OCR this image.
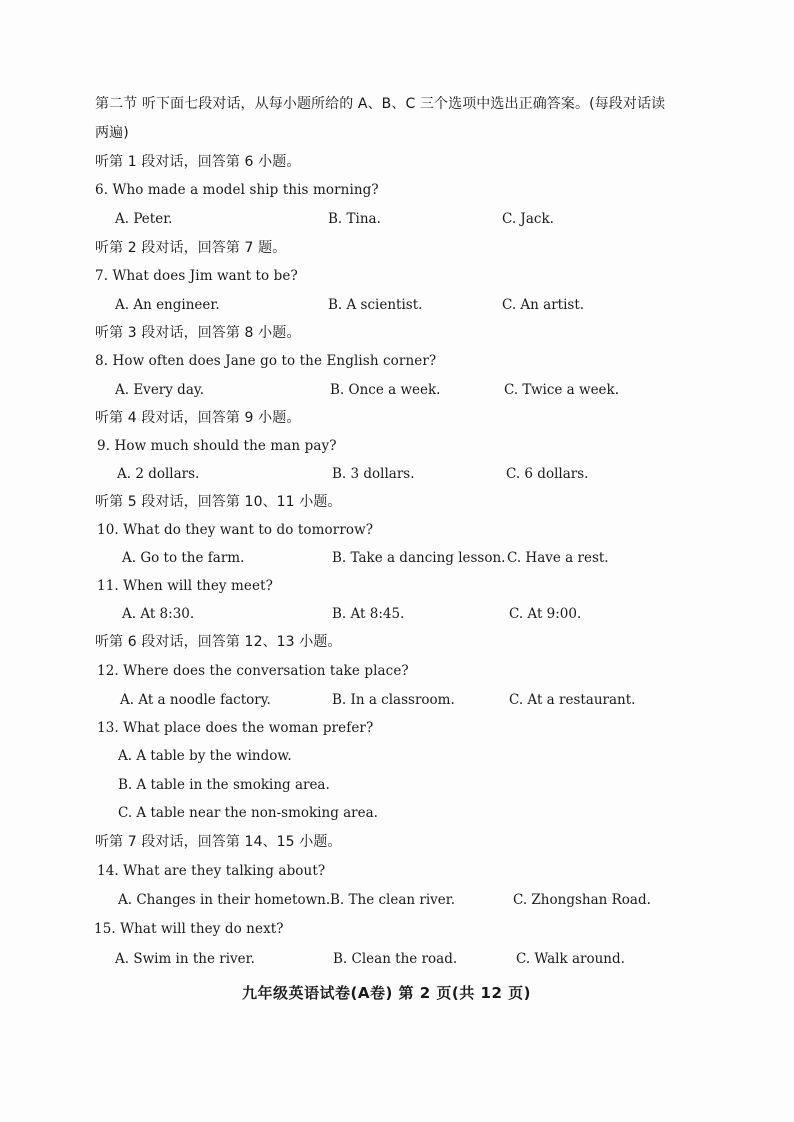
第二节 听下面七段对话，从每小题所给的 A、B、C 三个选项中选出正确答案。(每段对话读
两遍)
听第 1 段对话，回答第 6 小题。
6. Who made a model ship this morning?
A. Peter.	B. Tina.	C. Jack.
听第 2 段对话，回答第 7 题。
7. What does Jim want to be?
A. An engineer.	B. A scientist.	C. An artist.
听第 3 段对话，回答第 8 小题。
8. How often does Jane go to the English corner?
A. Every day.	B. Once a week.	C. Twice a week.
听第 4 段对话，回答第 9 小题。
9. How much should the man pay?
A. 2 dollars.	B. 3 dollars.	C. 6 dollars.
听第 5 段对话，回答第 10、11 小题。
10. What do they want to do tomorrow?
A. Go to the farm.	B. Take a dancing lesson. C. Have a rest.
11. When will they meet?
A. At 8:30.	B. At 8:45.	C. At 9:00.
听第 6 段对话，回答第 12、13 小题。
12. Where does the conversation take place?
A. At a noodle factory.	B. In a classroom.	C. At a restaurant.
13. What place does the woman prefer?
A. A table by the window.
B. A table in the smoking area.
C. A table near the non-smoking area.
听第 7 段对话，回答第 14、15 小题。
14. What are they talking about?
A. Changes in their hometown. B. The clean river.	C. Zhongshan Road.
15. What will they do next?
A. Swim in the river.	B. Clean the road.	C. Walk around.
九年级英语试卷(A卷) 第 2 页(共 12 页)
